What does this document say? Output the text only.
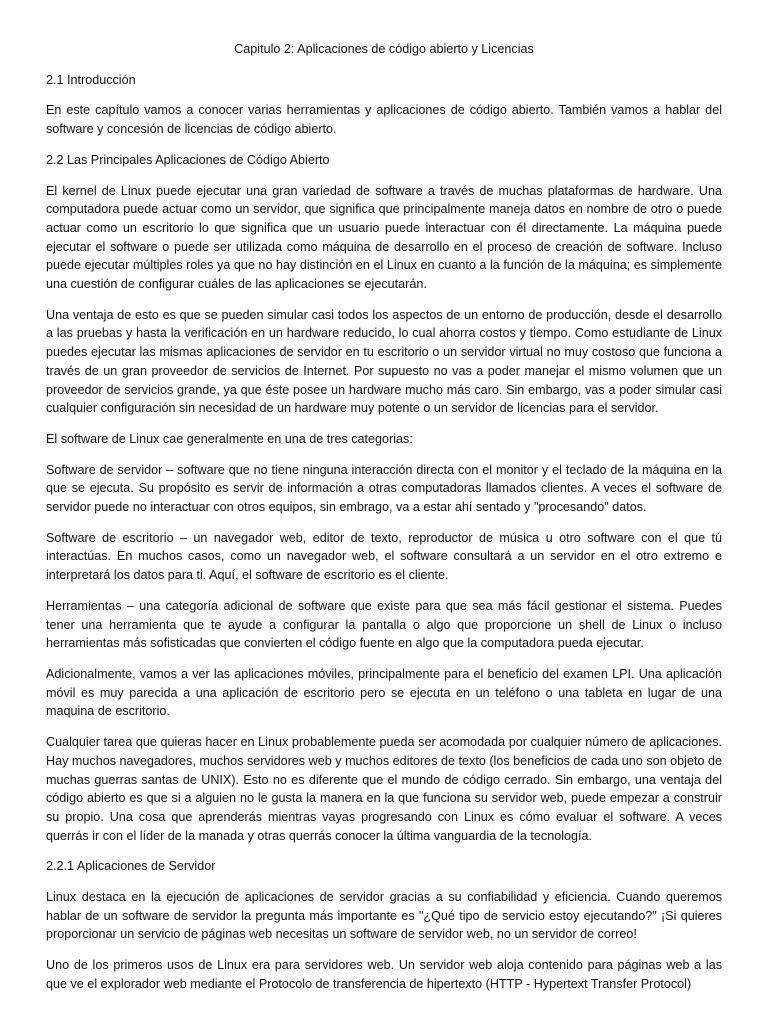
Capitulo 2: Aplicaciones de código abierto y Licencias
2.1 Introducción

En este capítulo vamos a conocer varias herramientas y aplicaciones de código abierto. También vamos a hablar del software y concesión de licencias de código abierto.

2.2 Las Principales Aplicaciones de Código Abierto

El kernel de Linux puede ejecutar una gran variedad de software a través de muchas plataformas de hardware. Una computadora puede actuar como un servidor, que significa que principalmente maneja datos en nombre de otro o puede actuar como un escritorio lo que significa que un usuario puede interactuar con él directamente. La máquina puede ejecutar el software o puede ser utilizada como máquina de desarrollo en el proceso de creación de software. Incluso puede ejecutar múltiples roles ya que no hay distinción en el Linux en cuanto a la función de la máquina; es simplemente una cuestión de configurar cuáles de las aplicaciones se ejecutarán.

Una ventaja de esto es que se pueden simular casi todos los aspectos de un entorno de producción, desde el desarrollo a las pruebas y hasta la verificación en un hardware reducido, lo cual ahorra costos y tiempo. Como estudiante de Linux puedes ejecutar las mismas aplicaciones de servidor en tu escritorio o un servidor virtual no muy costoso que funciona a través de un gran proveedor de servicios de Internet. Por supuesto no vas a poder manejar el mismo volumen que un proveedor de servicios grande, ya que éste posee un hardware mucho más caro. Sin embargo, vas a poder simular casi cualquier configuración sin necesidad de un hardware muy potente o un servidor de licencias para el servidor.

El software de Linux cae generalmente en una de tres categorias:

Software de servidor – software que no tiene ninguna interacción directa con el monitor y el teclado de la máquina en la que se ejecuta. Su propósito es servir de información a otras computadoras llamados clientes. A veces el software de servidor puede no interactuar con otros equipos, sin embrago, va a estar ahí sentado y "procesando" datos.
Software de escritorio – un navegador web, editor de texto, reproductor de música u otro software con el que tú interactúas. En muchos casos, como un navegador web, el software consultará a un servidor en el otro extremo e interpretará los datos para ti. Aquí, el software de escritorio es el cliente.
Herramientas – una categoría adicional de software que existe para que sea más fácil gestionar el sistema. Puedes tener una herramienta que te ayude a configurar la pantalla o algo que proporcione un shell de Linux o incluso herramientas más sofisticadas que convierten el código fuente en algo que la computadora pueda ejecutar.

Adicionalmente, vamos a ver las aplicaciones móviles, principalmente para el beneficio del examen LPI. Una aplicación móvil es muy parecida a una aplicación de escritorio pero se ejecuta en un teléfono o una tableta en lugar de una maquina de escritorio.

Cualquier tarea que quieras hacer en Linux probablemente pueda ser acomodada por cualquier número de aplicaciones. Hay muchos navegadores, muchos servidores web y muchos editores de texto (los beneficios de cada uno son objeto de muchas guerras santas de UNIX). Esto no es diferente que el mundo de código cerrado. Sin embargo, una ventaja del código abierto es que si a alguien no le gusta la manera en la que funciona su servidor web, puede empezar a construir su propio. Una cosa que aprenderás mientras vayas progresando con Linux es cómo evaluar el software. A veces querrás ir con el líder de la manada y otras querrás conocer la última vanguardia de la tecnología.

2.2.1 Aplicaciones de Servidor

Linux destaca en la ejecución de aplicaciones de servidor gracias a su confiabilidad y eficiencia. Cuando queremos hablar de un software de servidor la pregunta más importante es "¿Qué tipo de servicio estoy ejecutando?" ¡Si quieres proporcionar un servicio de páginas web necesitas un software de servidor web, no un servidor de correo!

Uno de los primeros usos de Linux era para servidores web. Un servidor web aloja contenido para páginas web a las que ve el explorador web mediante el Protocolo de transferencia de hipertexto (HTTP - Hypertext Transfer Protocol)
